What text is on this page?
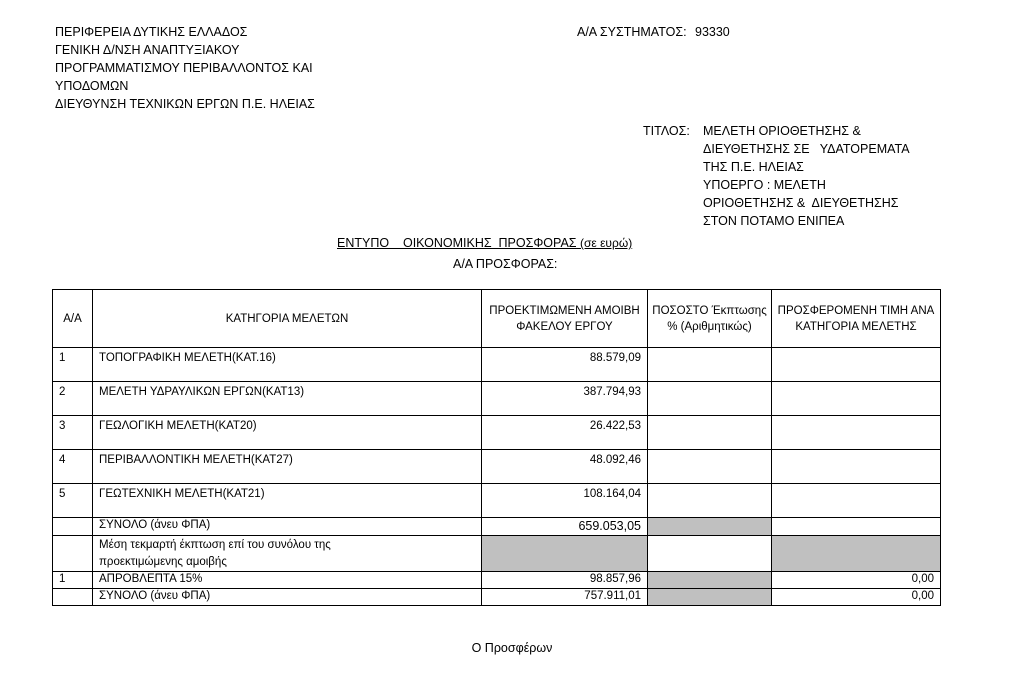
ΠΕΡΙΦΕΡΕΙΑ ΔΥΤΙΚΗΣ ΕΛΛΑΔΟΣ
ΓΕΝΙΚΗ Δ/ΝΣΗ ΑΝΑΠΤΥΞΙΑΚΟΥ
ΠΡΟΓΡΑΜΜΑΤΙΣΜΟΥ ΠΕΡΙΒΑΛΛΟΝΤΟΣ ΚΑΙ
ΥΠΟΔΟΜΩΝ
ΔΙΕΥΘΥΝΣΗ ΤΕΧΝΙΚΩΝ ΕΡΓΩΝ Π.Ε. ΗΛΕΙΑΣ
Α/Α ΣΥΣΤΗΜΑΤΟΣ: 93330
ΤΙΤΛΟΣ:	ΜΕΛΕΤΗ ΟΡΙΟΘΕΤΗΣΗΣ &
ΔΙΕΥΘΕΤΗΣΗΣ ΣΕ   ΥΔΑΤΟΡΕΜΑΤΑ
ΤΗΣ Π.Ε. ΗΛΕΙΑΣ
ΥΠΟΕΡΓΟ : ΜΕΛΕΤΗ
ΟΡΙΟΘΕΤΗΣΗΣ &  ΔΙΕΥΘΕΤΗΣΗΣ
ΣΤΟΝ ΠΟΤΑΜΟ ΕΝΙΠΕΑ
ΕΝΤΥΠΟ    ΟΙΚΟΝΟΜΙΚΗΣ  ΠΡΟΣΦΟΡΑΣ (σε ευρώ)
Α/Α ΠΡΟΣΦΟΡΑΣ:
Α/Α	ΚΑΤΗΓΟΡΙΑ ΜΕΛΕΤΩΝ	ΠΡΟΕΚΤΙΜΩΜΕΝΗ ΑΜΟΙΒΗ ΦΑΚΕΛΟΥ ΕΡΓΟΥ	ΠΟΣΟΣΤΟ Έκπτωσης % (Αριθμητικώς)	ΠΡΟΣΦΕΡΟΜΕΝΗ ΤΙΜΗ ΑΝΑ ΚΑΤΗΓΟΡΙΑ ΜΕΛΕΤΗΣ
1	ΤΟΠΟΓΡΑΦΙΚΗ ΜΕΛΕΤΗ(ΚΑΤ.16)	88.579,09		
2	ΜΕΛΕΤΗ ΥΔΡΑΥΛΙΚΩΝ ΕΡΓΩΝ(ΚΑΤ13)	387.794,93		
3	ΓΕΩΛΟΓΙΚΗ ΜΕΛΕΤΗ(ΚΑΤ20)	26.422,53		
4	ΠΕΡΙΒΑΛΛΟΝΤΙΚΗ ΜΕΛΕΤΗ(ΚΑΤ27)	48.092,46		
5	ΓΕΩΤΕΧΝΙΚΗ ΜΕΛΕΤΗ(ΚΑΤ21)	108.164,04		
	ΣΥΝΟΛΟ (άνευ ΦΠΑ)	659.053,05		

	Μέση τεκμαρτή έκπτωση επί του συνόλου της
προεκτιμώμενης αμοιβής			

1	ΑΠΡΟΒΛΕΠΤΑ 15%	98.857,96		0,00
	ΣΥΝΟΛΟ (άνευ ΦΠΑ)	757.911,01		0,00
Ο Προσφέρων
